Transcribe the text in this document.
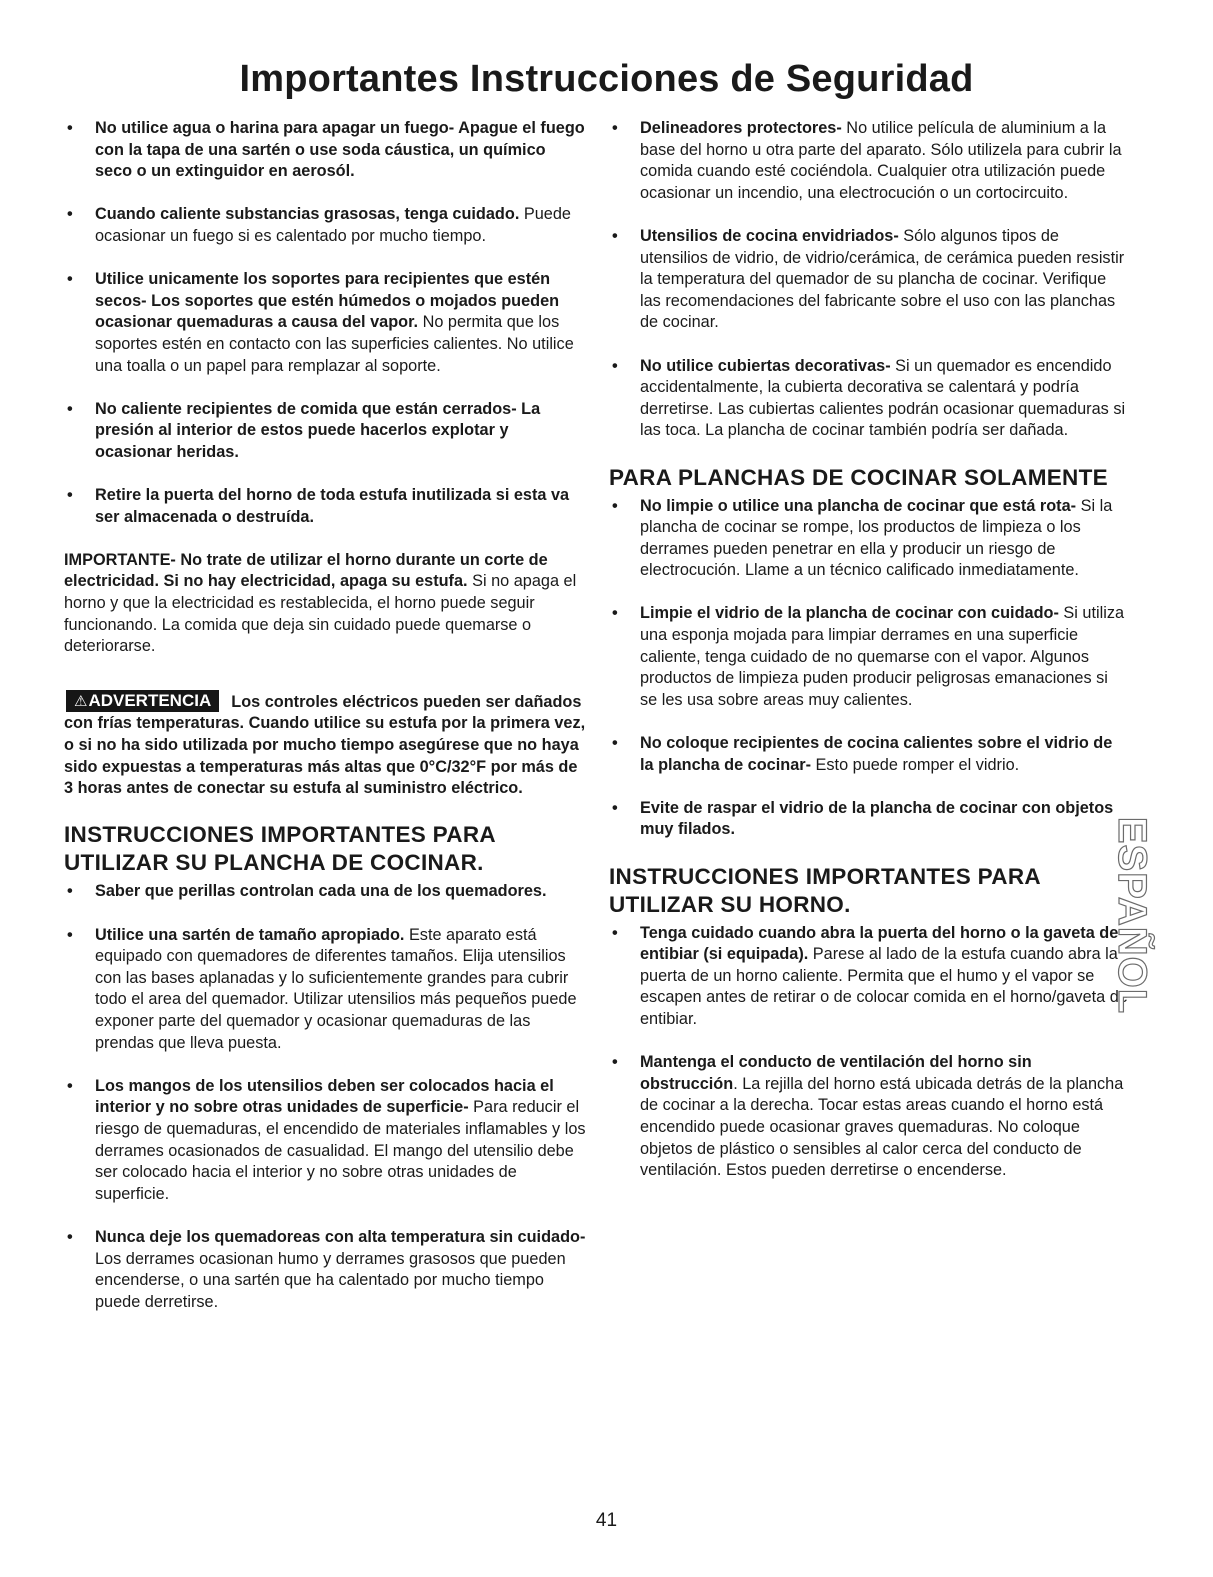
Importantes Instrucciones de Seguridad
• No utilice agua o harina para apagar un fuego- Apague el fuego con la tapa de una sartén o use soda cáustica, un químico seco o un extinguidor en aerosól.
• Cuando caliente substancias grasosas, tenga cuidado. Puede ocasionar un fuego si es calentado por mucho tiempo.
• Utilice unicamente los soportes para recipientes que estén secos- Los soportes que estén húmedos o mojados pueden ocasionar quemaduras a causa del vapor. No permita que los soportes estén en contacto con las superficies calientes. No utilice una toalla o un papel para remplazar al soporte.
• No caliente recipientes de comida que están cerrados- La presión al interior de estos puede hacerlos explotar y ocasionar heridas.
• Retire la puerta del horno de toda estufa inutilizada si esta va ser almacenada o destruída.
IMPORTANTE- No trate de utilizar el horno durante un corte de electricidad. Si no hay electricidad, apaga su estufa. Si no apaga el horno y que la electricidad es restablecida, el horno puede seguir funcionando. La comida que deja sin cuidado puede quemarse o deteriorarse.
⚠ADVERTENCIA Los controles eléctricos pueden ser dañados con frías temperaturas. Cuando utilice su estufa por la primera vez, o si no ha sido utilizada por mucho tiempo asegúrese que no haya sido expuestas a temperaturas más altas que 0°C/32°F por más de 3 horas antes de conectar su estufa al suministro eléctrico.
INSTRUCCIONES IMPORTANTES PARA UTILIZAR SU PLANCHA DE COCINAR.
• Saber que perillas controlan cada una de los quemadores.
• Utilice una sartén de tamaño apropiado. Este aparato está equipado con quemadores de diferentes tamaños. Elija utensilios con las bases aplanadas y lo suficientemente grandes para cubrir todo el area del quemador. Utilizar utensilios más pequeños puede exponer parte del quemador y ocasionar quemaduras de las prendas que lleva puesta.
• Los mangos de los utensilios deben ser colocados hacia el interior y no sobre otras unidades de superficie- Para reducir el riesgo de quemaduras, el encendido de materiales inflamables y los derrames ocasionados de casualidad. El mango del utensilio debe ser colocado hacia el interior y no sobre otras unidades de superficie.
• Nunca deje los quemadoreas con alta temperatura sin cuidado- Los derrames ocasionan humo y derrames grasosos que pueden encenderse, o una sartén que ha calentado por mucho tiempo puede derretirse.
• Delineadores protectores- No utilice película de aluminium a la base del horno u otra parte del aparato. Sólo utilizela para cubrir la comida cuando esté cociéndola. Cualquier otra utilización puede ocasionar un incendio, una electrocución o un cortocircuito.
• Utensilios de cocina envidriados- Sólo algunos tipos de utensilios de vidrio, de vidrio/cerámica, de cerámica pueden resistir la temperatura del quemador de su plancha de cocinar. Verifique las recomendaciones del fabricante sobre el uso con las planchas de cocinar.
• No utilice cubiertas decorativas- Si un quemador es encendido accidentalmente, la cubierta decorativa se calentará y podría derretirse. Las cubiertas calientes podrán ocasionar quemaduras si las toca. La plancha de cocinar también podría ser dañada.
PARA PLANCHAS DE COCINAR SOLAMENTE
• No limpie o utilice una plancha de cocinar que está rota- Si la plancha de cocinar se rompe, los productos de limpieza o los derrames pueden penetrar en ella y producir un riesgo de electrocución. Llame a un técnico calificado inmediatamente.
• Limpie el vidrio de la plancha de cocinar con cuidado- Si utiliza una esponja mojada para limpiar derrames en una superficie caliente, tenga cuidado de no quemarse con el vapor. Algunos productos de limpieza puden producir peligrosas emanaciones si se les usa sobre areas muy calientes.
• No coloque recipientes de cocina calientes sobre el vidrio de la plancha de cocinar- Esto puede romper el vidrio.
• Evite de raspar el vidrio de la plancha de cocinar con objetos muy filados.
INSTRUCCIONES IMPORTANTES PARA UTILIZAR SU HORNO.
• Tenga cuidado cuando abra la puerta del horno o la gaveta de entibiar (si equipada). Parese al lado de la estufa cuando abra la puerta de un horno caliente. Permita que el humo y el vapor se escapen antes de retirar o de colocar comida en el horno/gaveta de entibiar.
• Mantenga el conducto de ventilación del horno sin obstrucción. La rejilla del horno está ubicada detrás de la plancha de cocinar a la derecha. Tocar estas areas cuando el horno está encendido puede ocasionar graves quemaduras. No coloque objetos de plástico o sensibles al calor cerca del conducto de ventilación. Estos pueden derretirse o encenderse.
ESPAÑOL
41
